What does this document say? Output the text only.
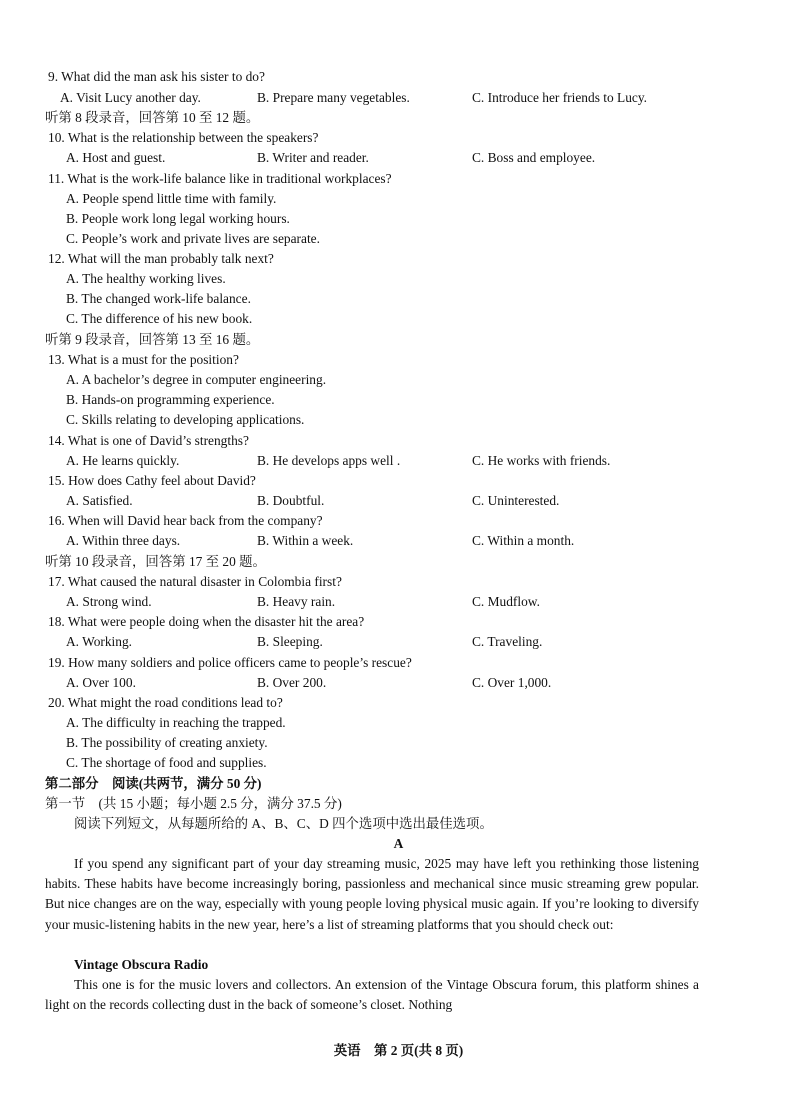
9. What did the man ask his sister to do?
A. Visit Lucy another day.	B. Prepare many vegetables.	C. Introduce her friends to Lucy.
听第 8 段录音，回答第 10 至 12 题。
10. What is the relationship between the speakers?
A. Host and guest.	B. Writer and reader.	C. Boss and employee.
11. What is the work-life balance like in traditional workplaces?
A. People spend little time with family.
B. People work long legal working hours.
C. People’s work and private lives are separate.
12. What will the man probably talk next?
A. The healthy working lives.
B. The changed work-life balance.
C. The difference of his new book.
听第 9 段录音，回答第 13 至 16 题。
13. What is a must for the position?
A. A bachelor’s degree in computer engineering.
B. Hands-on programming experience.
C. Skills relating to developing applications.
14. What is one of David’s strengths?
A. He learns quickly.	B. He develops apps well .	C. He works with friends.
15. How does Cathy feel about David?
A. Satisfied.	B. Doubtful.	C. Uninterested.
16. When will David hear back from the company?
A. Within three days.	B. Within a week.	C. Within a month.
听第 10 段录音，回答第 17 至 20 题。
17. What caused the natural disaster in Colombia first?
A. Strong wind.	B. Heavy rain.	C. Mudflow.
18. What were people doing when the disaster hit the area?
A. Working.	B. Sleeping.	C. Traveling.
19. How many soldiers and police officers came to people’s rescue?
A. Over 100.	B. Over 200.	C. Over 1,000.
20. What might the road conditions lead to?
A. The difficulty in reaching the trapped.
B. The possibility of creating anxiety.
C. The shortage of food and supplies.
第二部分　阅读(共两节，满分 50 分)
第一节　(共 15 小题；每小题 2.5 分，满分 37.5 分)
阅读下列短文，从每题所给的 A、B、C、D 四个选项中选出最佳选项。
A
If you spend any significant part of your day streaming music, 2025 may have left you rethinking those listening habits. These habits have become increasingly boring, passionless and mechanical since music streaming grew popular. But nice changes are on the way, especially with young people loving physical music again. If you’re looking to diversify your music-listening habits in the new year, here’s a list of streaming platforms that you should check out:
Vintage Obscura Radio
This one is for the music lovers and collectors. An extension of the Vintage Obscura forum, this platform shines a light on the records collecting dust in the back of someone’s closet. Nothing
英语　第 2 页(共 8 页)
